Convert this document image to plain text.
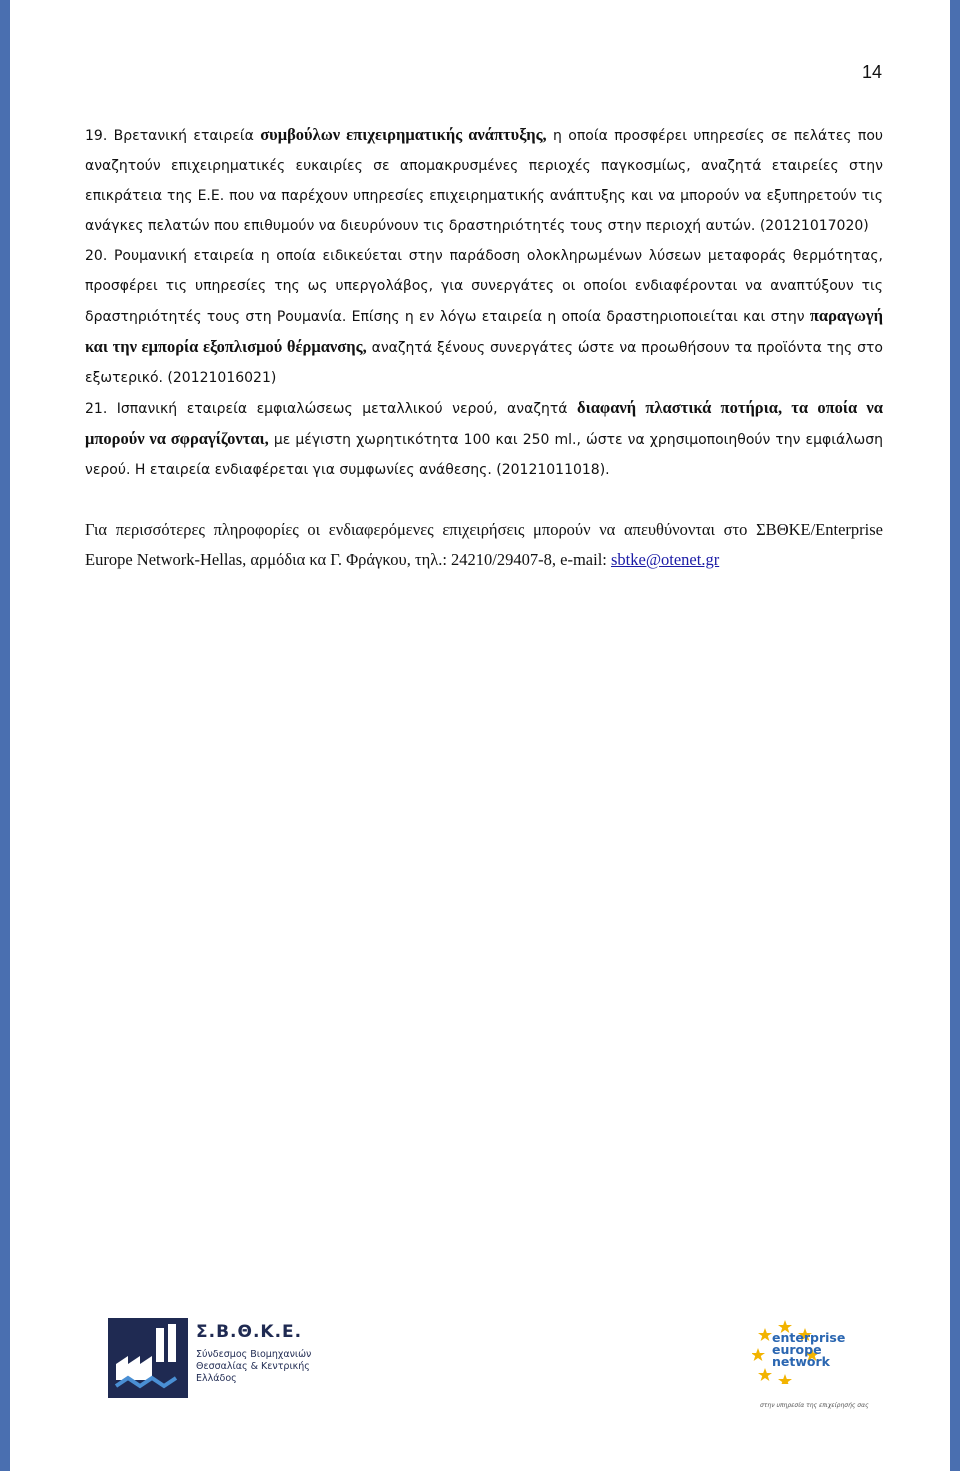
14

19. Βρετανική εταιρεία συμβούλων επιχειρηματικής ανάπτυξης, η οποία προσφέρει υπηρεσίες σε πελάτες που αναζητούν επιχειρηματικές ευκαιρίες σε απομακρυσμένες περιοχές παγκοσμίως, αναζητά εταιρείες στην επικράτεια της Ε.Ε. που να παρέχουν υπηρεσίες επιχειρηματικής ανάπτυξης και να μπορούν να εξυπηρετούν τις ανάγκες πελατών που επιθυμούν να διευρύνουν τις δραστηριότητές τους στην περιοχή αυτών. (20121017020)

20. Ρουμανική εταιρεία η οποία ειδικεύεται στην παράδοση ολοκληρωμένων λύσεων μεταφοράς θερμότητας, προσφέρει τις υπηρεσίες της ως υπεργολάβος, για συνεργάτες οι οποίοι ενδιαφέρονται να αναπτύξουν τις δραστηριότητές τους στη Ρουμανία. Επίσης η εν λόγω εταιρεία η οποία δραστηριοποιείται και στην παραγωγή και την εμπορία εξοπλισμού θέρμανσης, αναζητά ξένους συνεργάτες ώστε να προωθήσουν τα προϊόντα της στο εξωτερικό. (20121016021)

21. Ισπανική εταιρεία εμφιαλώσεως μεταλλικού νερού, αναζητά διαφανή πλαστικά ποτήρια, τα οποία να μπορούν να σφραγίζονται, με μέγιστη χωρητικότητα 100 και 250 ml., ώστε να χρησιμοποιηθούν την εμφιάλωση νερού. Η εταιρεία ενδιαφέρεται για συμφωνίες ανάθεσης. (20121011018).

Για περισσότερες πληροφορίες οι ενδιαφερόμενες επιχειρήσεις μπορούν να απευθύνονται στο ΣΒΘΚΕ/Enterprise Europe Network-Hellas, αρμόδια κα Γ. Φράγκου, τηλ.: 24210/29407-8, e-mail: sbtke@otenet.gr

Σ.Β.Θ.Κ.Ε.
Σύνδεσμος Βιομηχανιών Θεσσαλίας & Κεντρικής Ελλάδος
enterprise
europe
network
στην υπηρεσία της επιχείρησής σας
